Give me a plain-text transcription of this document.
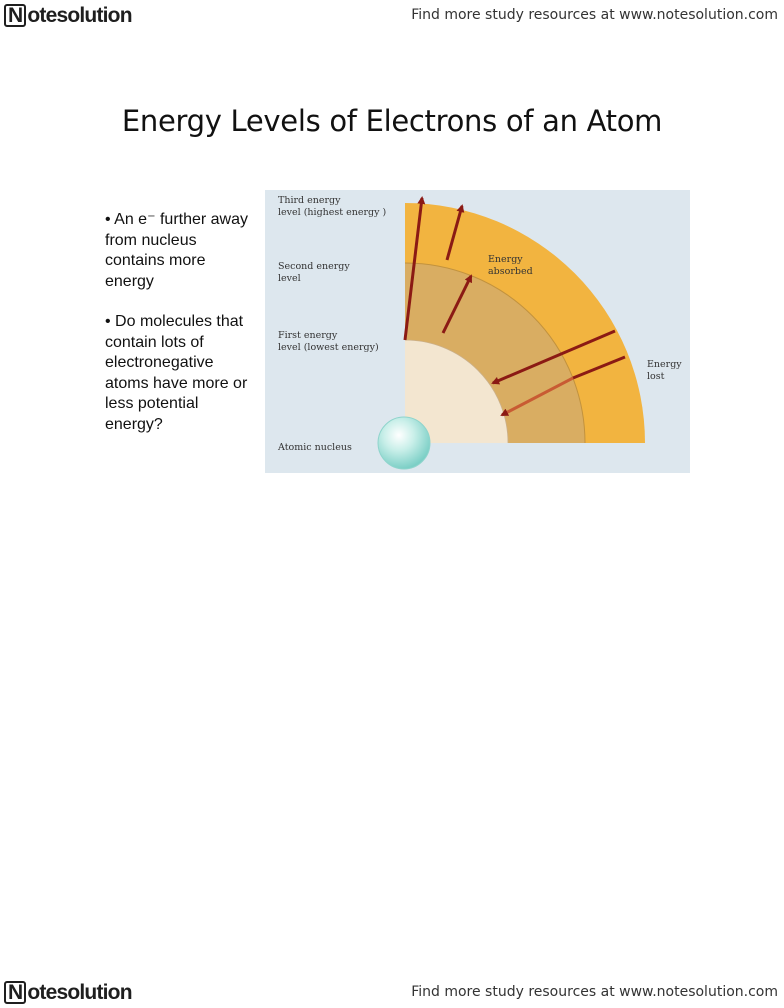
N otesolution	Find more study resources at www.notesolution.com
Energy Levels of Electrons of an Atom

• An e⁻ further away from nucleus contains more energy

• Do molecules that contain lots of electronegative atoms have more or less potential energy?

Third energy
level (highest energy )
Second energy
level
First energy
level (lowest energy)
Atomic nucleus
Energy
absorbed
Energy
lost
N otesolution	Find more study resources at www.notesolution.com
